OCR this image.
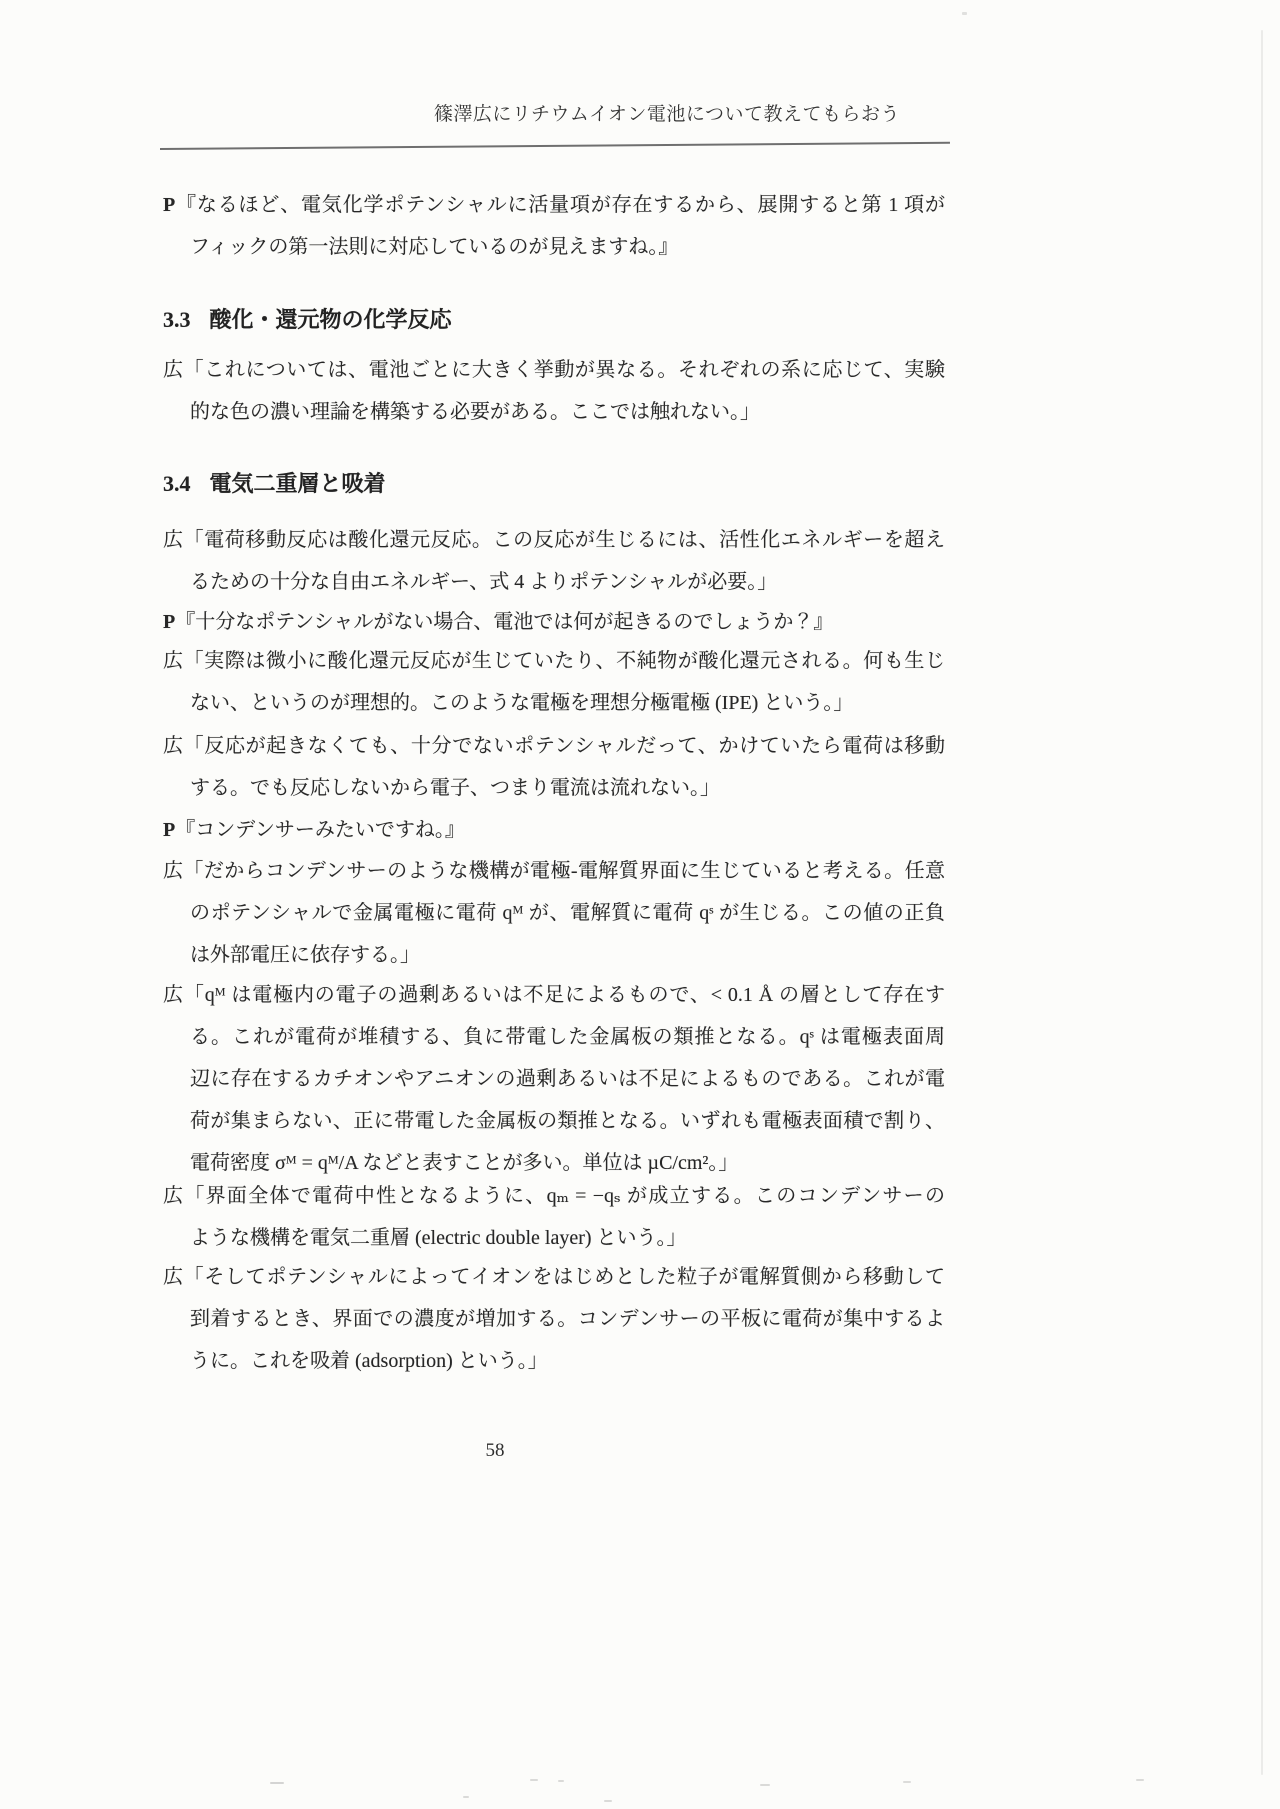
篠澤広にリチウムイオン電池について教えてもらおう
P『なるほど、電気化学ポテンシャルに活量項が存在するから、展開すると第 1 項が
フィックの第一法則に対応しているのが見えますね。』
3.3 酸化・還元物の化学反応
広「これについては、電池ごとに大きく挙動が異なる。それぞれの系に応じて、実験
的な色の濃い理論を構築する必要がある。ここでは触れない。」
3.4 電気二重層と吸着
広「電荷移動反応は酸化還元反応。この反応が生じるには、活性化エネルギーを超え
るための十分な自由エネルギー、式 4 よりポテンシャルが必要。」
P『十分なポテンシャルがない場合、電池では何が起きるのでしょうか？』
広「実際は微小に酸化還元反応が生じていたり、不純物が酸化還元される。何も生じ
ない、というのが理想的。このような電極を理想分極電極 (IPE) という。」
広「反応が起きなくても、十分でないポテンシャルだって、かけていたら電荷は移動
する。でも反応しないから電子、つまり電流は流れない。」
P『コンデンサーみたいですね。』
広「だからコンデンサーのような機構が電極-電解質界面に生じていると考える。任意
のポテンシャルで金属電極に電荷 qᴹ が、電解質に電荷 qˢ が生じる。この値の正負
は外部電圧に依存する。」
広「qᴹ は電極内の電子の過剰あるいは不足によるもので、< 0.1 Å の層として存在す
る。これが電荷が堆積する、負に帯電した金属板の類推となる。qˢ は電極表面周
辺に存在するカチオンやアニオンの過剰あるいは不足によるものである。これが電
荷が集まらない、正に帯電した金属板の類推となる。いずれも電極表面積で割り、
電荷密度 σᴹ = qᴹ/A などと表すことが多い。単位は µC/cm²。」
広「界面全体で電荷中性となるように、qₘ = −qₛ が成立する。このコンデンサーの
ような機構を電気二重層 (electric double layer) という。」
広「そしてポテンシャルによってイオンをはじめとした粒子が電解質側から移動して
到着するとき、界面での濃度が増加する。コンデンサーの平板に電荷が集中するよ
うに。これを吸着 (adsorption) という。」
58
